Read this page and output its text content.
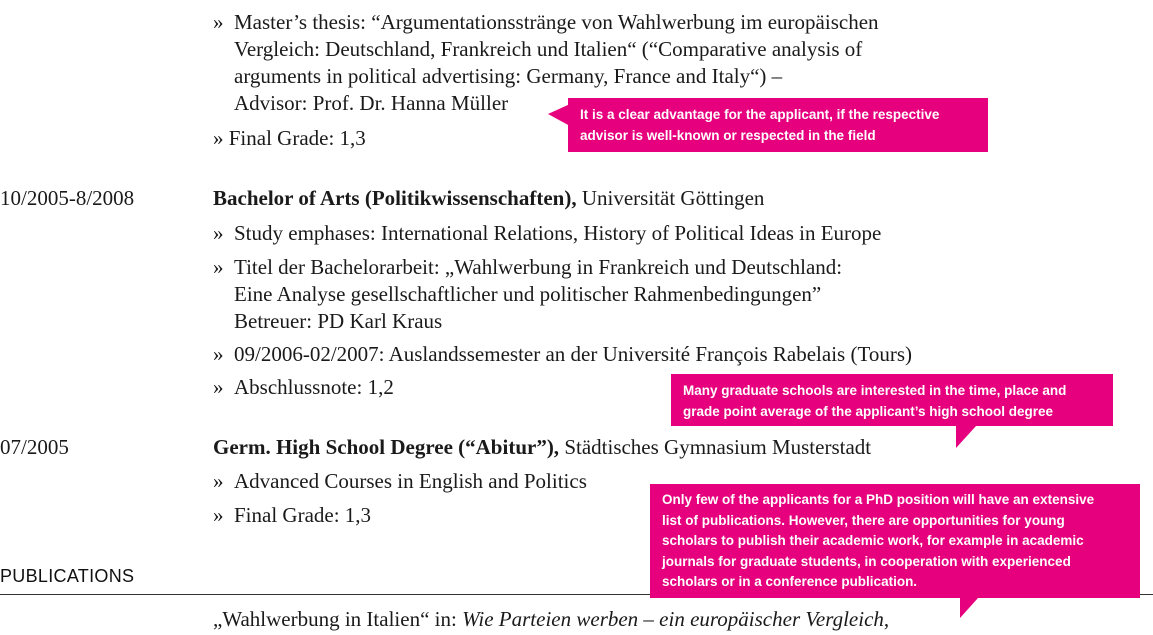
» Master’s thesis: “Argumentationsstränge von Wahlwerbung im europäischen
Vergleich: Deutschland, Frankreich und Italien“ (“Comparative analysis of
arguments in political advertising: Germany, France and Italy“) –
Advisor: Prof. Dr. Hanna Müller
» Final Grade: 1,3
10/2005-8/2008	Bachelor of Arts (Politikwissenschaften), Universität Göttingen
» Study emphases: International Relations, History of Political Ideas in Europe
» Titel der Bachelorarbeit: „Wahlwerbung in Frankreich und Deutschland:
Eine Analyse gesellschaftlicher und politischer Rahmenbedingungen”
Betreuer: PD Karl Kraus
» 09/2006-02/2007: Auslandssemester an der Université François Rabelais (Tours)
» Abschlussnote: 1,2
07/2005	Germ. High School Degree (“Abitur”), Städtisches Gymnasium Musterstadt
» Advanced Courses in English and Politics
» Final Grade: 1,3
PUBLICATIONS
„Wahlwerbung in Italien“ in: Wie Parteien werben – ein europäischer Vergleich,
It is a clear advantage for the applicant, if the respective
advisor is well-known or respected in the field
Many graduate schools are interested in the time, place and
grade point average of the applicant’s high school degree
Only few of the applicants for a PhD position will have an extensive
list of publications. However, there are opportunities for young
scholars to publish their academic work, for example in academic
journals for graduate students, in cooperation with experienced
scholars or in a conference publication.
